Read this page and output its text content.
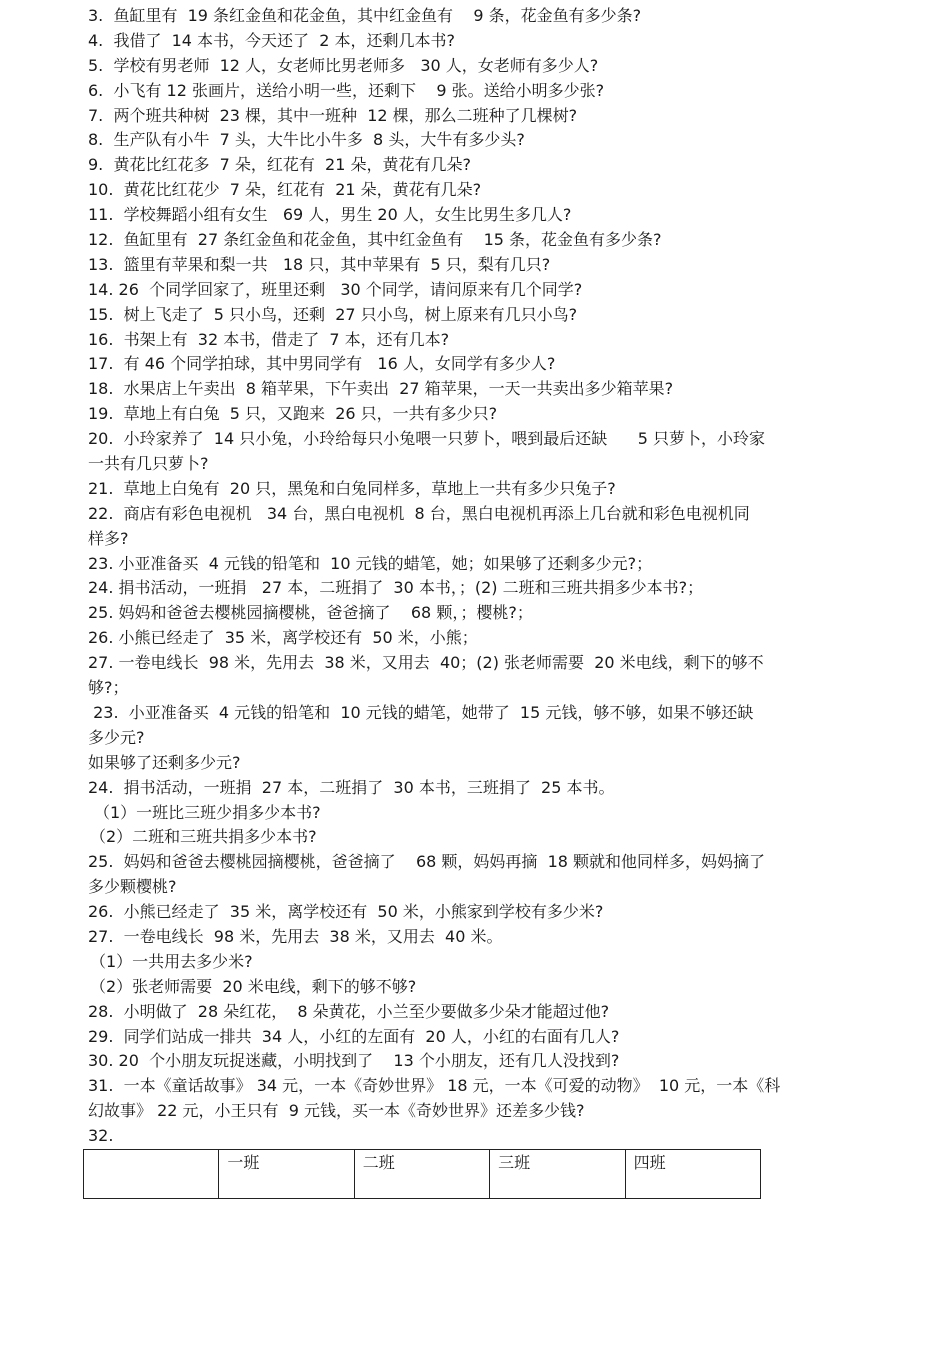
3.  鱼缸里有  19 条红金鱼和花金鱼，其中红金鱼有    9 条，花金鱼有多少条?
4.  我借了  14 本书，今天还了  2 本，还剩几本书?
5.  学校有男老师  12 人，女老师比男老师多   30 人，女老师有多少人?
6.  小飞有 12 张画片，送给小明一些，还剩下    9 张。送给小明多少张?
7.  两个班共种树  23 棵，其中一班种  12 棵，那么二班种了几棵树?
8.  生产队有小牛  7 头，大牛比小牛多  8 头，大牛有多少头?
9.  黄花比红花多  7 朵，红花有  21 朵，黄花有几朵?
10.  黄花比红花少  7 朵，红花有  21 朵，黄花有几朵?
11.  学校舞蹈小组有女生   69 人，男生 20 人，女生比男生多几人?
12.  鱼缸里有  27 条红金鱼和花金鱼，其中红金鱼有    15 条，花金鱼有多少条?
13.  篮里有苹果和梨一共   18 只，其中苹果有  5 只，梨有几只?
14. 26  个同学回家了，班里还剩   30 个同学，请问原来有几个同学?
15.  树上飞走了  5 只小鸟，还剩  27 只小鸟，树上原来有几只小鸟?
16.  书架上有  32 本书，借走了  7 本，还有几本?
17.  有 46 个同学拍球，其中男同学有   16 人，女同学有多少人?
18.  水果店上午卖出  8 箱苹果，下午卖出  27 箱苹果，一天一共卖出多少箱苹果?
19.  草地上有白兔  5 只，又跑来  26 只，一共有多少只?
20.  小玲家养了  14 只小兔，小玲给每只小兔喂一只萝卜，喂到最后还缺      5 只萝卜，小玲家
一共有几只萝卜?
21.  草地上白兔有  20 只，黑兔和白兔同样多，草地上一共有多少只兔子?
22.  商店有彩色电视机   34 台，黑白电视机  8 台，黑白电视机再添上几台就和彩色电视机同
样多?
23. 小亚准备买  4 元钱的铅笔和  10 元钱的蜡笔，她；如果够了还剩多少元?；
24. 捐书活动，一班捐   27 本，二班捐了  30 本书，；(2) 二班和三班共捐多少本书?；
25. 妈妈和爸爸去樱桃园摘樱桃，爸爸摘了    68 颗，；樱桃?；
26. 小熊已经走了  35 米，离学校还有  50 米，小熊；
27. 一卷电线长  98 米，先用去  38 米，又用去  40；(2) 张老师需要  20 米电线，剩下的够不
够?；
23.  小亚准备买  4 元钱的铅笔和  10 元钱的蜡笔，她带了  15 元钱，够不够，如果不够还缺
多少元?
如果够了还剩多少元?
24.  捐书活动，一班捐  27 本，二班捐了  30 本书，三班捐了  25 本书。
（1）一班比三班少捐多少本书?
（2）二班和三班共捐多少本书?
25.  妈妈和爸爸去樱桃园摘樱桃，爸爸摘了    68 颗，妈妈再摘  18 颗就和他同样多，妈妈摘了
多少颗樱桃?
26.  小熊已经走了  35 米，离学校还有  50 米，小熊家到学校有多少米?
27.  一卷电线长  98 米，先用去  38 米，又用去  40 米。
（1）一共用去多少米?
（2）张老师需要  20 米电线，剩下的够不够?
28.  小明做了  28 朵红花，  8 朵黄花，小兰至少要做多少朵才能超过他?
29.  同学们站成一排共  34 人，小红的左面有  20 人，小红的右面有几人?
30. 20  个小朋友玩捉迷藏，小明找到了    13 个小朋友，还有几人没找到?
31.  一本《童话故事》 34 元，一本《奇妙世界》 18 元，一本《可爱的动物》  10 元，一本《科
幻故事》 22 元，小王只有  9 元钱，买一本《奇妙世界》还差多少钱?
32.
	一班	二班	三班	四班
